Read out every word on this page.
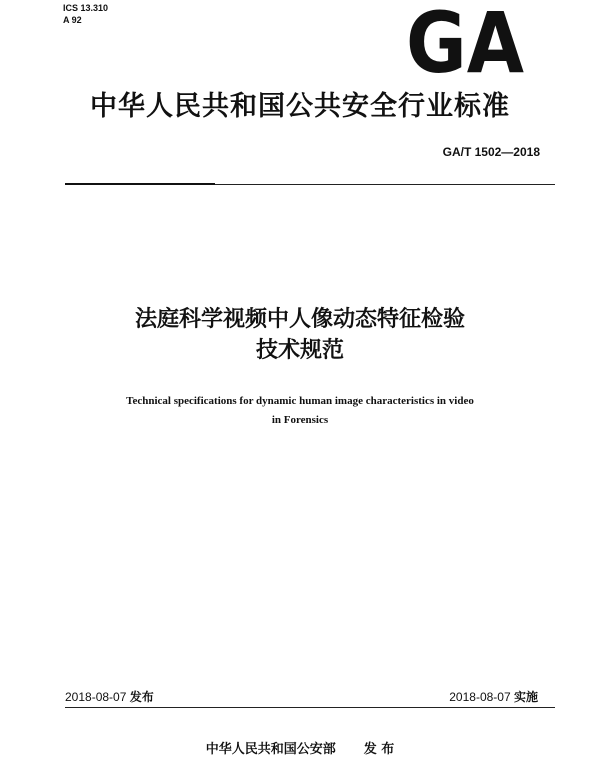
ICS 13.310
A 92	GA
中华人民共和国公共安全行业标准
GA/T 1502—2018
法庭科学视频中人像动态特征检验
技术规范
Technical specifications for dynamic human image characteristics in video
in Forensics
2018-08-07 发布	2018-08-07 实施
中华人民共和国公安部 发 布
